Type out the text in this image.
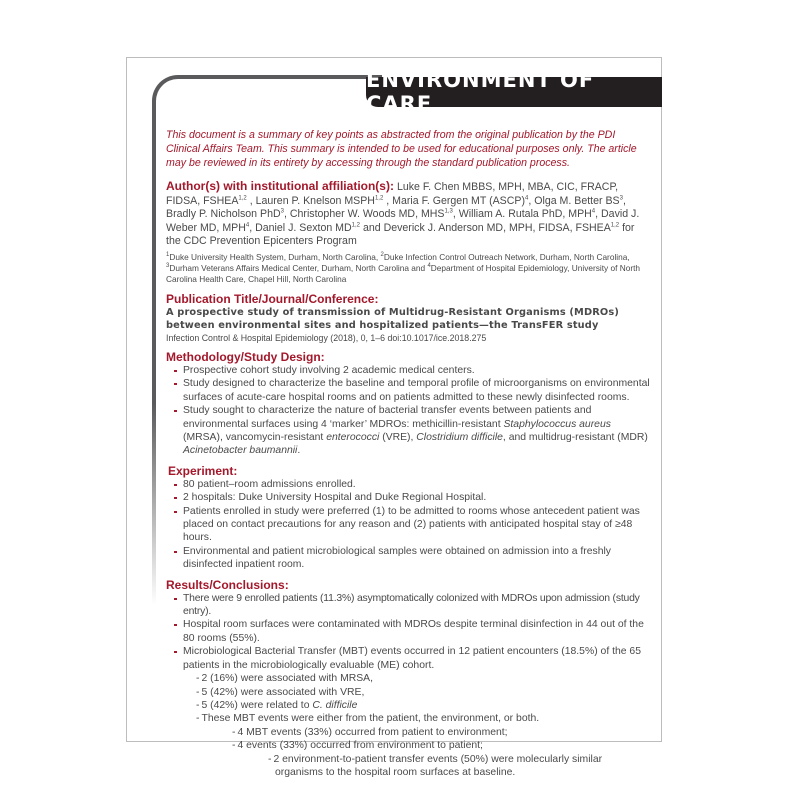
ENVIRONMENT OF CARE

This document is a summary of key points as abstracted from the original publication by the PDI Clinical Affairs Team. This summary is intended to be used for educational purposes only. The article may be reviewed in its entirety by accessing through the standard publication process.

Author(s) with institutional affiliation(s): Luke F. Chen MBBS, MPH, MBA, CIC, FRACP, FIDSA, FSHEA$^{1,2}$ , Lauren P. Knelson MSPH$^{1,2}$ , Maria F. Gergen MT (ASCP)$^4$, Olga M. Better $BS^3$, Bradly P. Nicholson PhD$^3$, Christopher W. Woods MD, MHS$^{1,3}$, William A. Rutala PhD, MPH$^4$, David J. Weber MD, MPH$^4$, Daniel J. Sexton MD$^{1,2}$ and Deverick J. Anderson MD, MPH, FIDSA, FSHEA$^{1,2}$ for the CDC Prevention Epicenters Program

$^1$Duke University Health System, Durham, North Carolina, $^2$Duke Infection Control Outreach Network, Durham, North Carolina, $^3$Durham Veterans Affairs Medical Center, Durham, North Carolina and $^4$Department of Hospital Epidemiology, University of North Carolina Health Care, Chapel Hill, North Carolina

Publication Title/Journal/Conference:
A prospective study of transmission of Multidrug-Resistant Organisms (MDROs) between environmental sites and hospitalized patients—the TransFER study
Infection Control & Hospital Epidemiology (2018), 0, 1–6 doi:10.1017/ice.2018.275
Methodology/Study Design:
Prospective cohort study involving 2 academic medical centers.
Study designed to characterize the baseline and temporal profile of microorganisms on environmental surfaces of acute-care hospital rooms and on patients admitted to these newly disinfected rooms.
Study sought to characterize the nature of bacterial transfer events between patients and environmental surfaces using 4 ‘marker’ MDROs: methicillin-resistant Staphylococcus aureus (MRSA), vancomycin-resistant enterococci (VRE), Clostridium difficile, and multidrug-resistant (MDR) Acinetobacter baumannii.
Experiment:
80 patient–room admissions enrolled.
2 hospitals: Duke University Hospital and Duke Regional Hospital.
Patients enrolled in study were preferred (1) to be admitted to rooms whose antecedent patient was placed on contact precautions for any reason and (2) patients with anticipated hospital stay of ≥48 hours.
Environmental and patient microbiological samples were obtained on admission into a freshly disinfected inpatient room.
Results/Conclusions:
There were 9 enrolled patients (11.3%) asymptomatically colonized with MDROs upon admission (study entry).
Hospital room surfaces were contaminated with MDROs despite terminal disinfection in 44 out of the 80 rooms (55%).
Microbiological Bacterial Transfer (MBT) events occurred in 12 patient encounters (18.5%) of the 65 patients in the microbiologically evaluable (ME) cohort.
- 2 (16%) were associated with MRSA,
- 5 (42%) were associated with VRE,
- 5 (42%) were related to C. difficile
- These MBT events were either from the patient, the environment, or both.
- 4 MBT events (33%) occurred from patient to environment;
- 4 events (33%) occurred from environment to patient;
- 2 environment-to-patient transfer events (50%) were molecularly similar
organisms to the hospital room surfaces at baseline.
